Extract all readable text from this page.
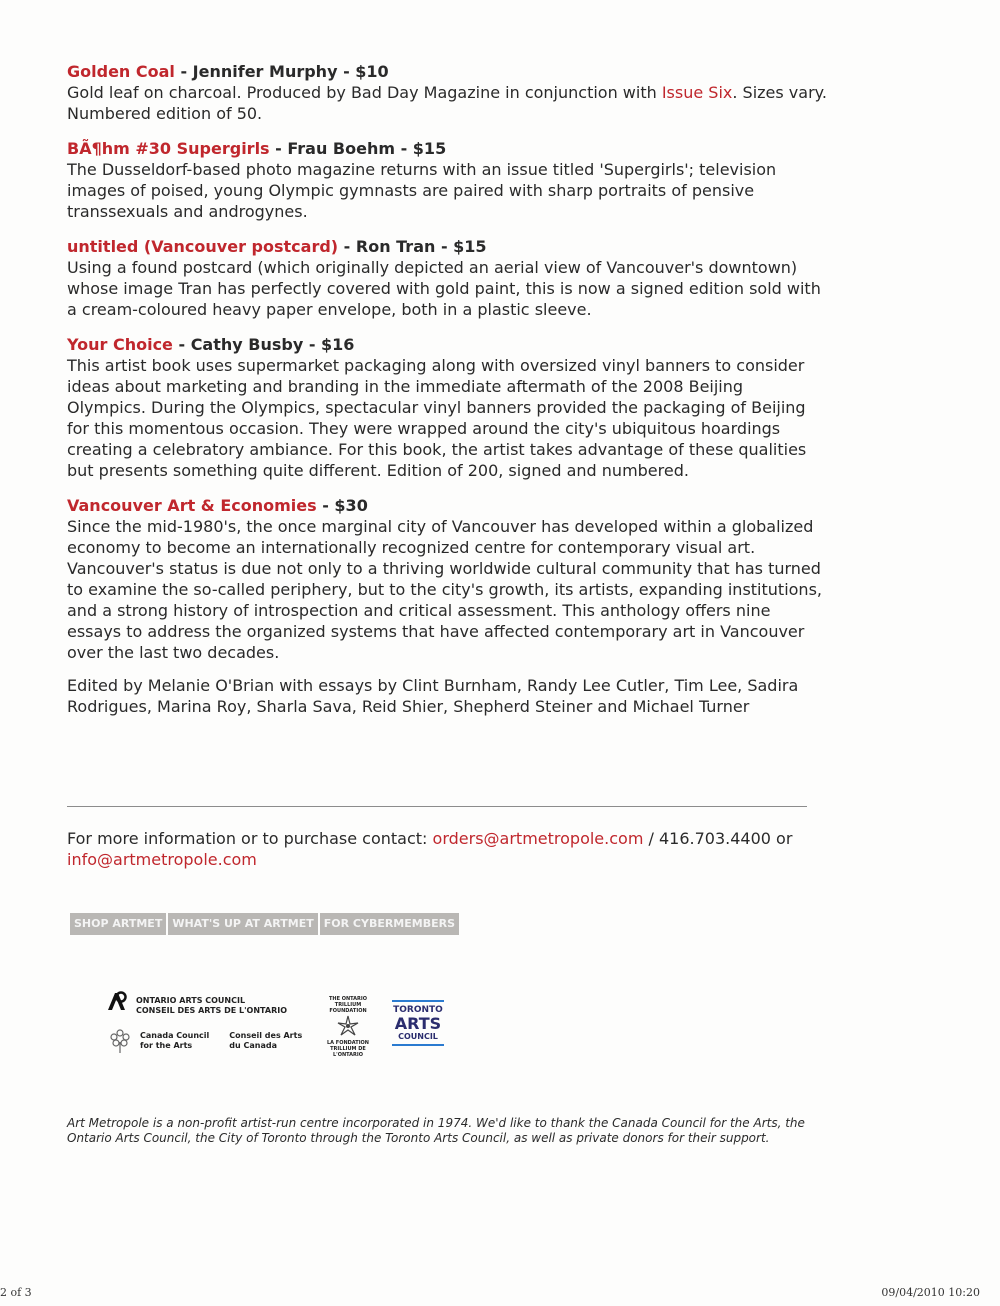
Golden Coal - Jennifer Murphy - $10

Gold leaf on charcoal. Produced by Bad Day Magazine in conjunction with Issue Six. Sizes vary. Numbered edition of 50.

BÃ¶hm #30 Supergirls - Frau Boehm - $15

The Dusseldorf-based photo magazine returns with an issue titled 'Supergirls'; television images of poised, young Olympic gymnasts are paired with sharp portraits of pensive transsexuals and androgynes.

untitled (Vancouver postcard) - Ron Tran - $15

Using a found postcard (which originally depicted an aerial view of Vancouver's downtown) whose image Tran has perfectly covered with gold paint, this is now a signed edition sold with a cream-coloured heavy paper envelope, both in a plastic sleeve.

Your Choice - Cathy Busby - $16

This artist book uses supermarket packaging along with oversized vinyl banners to consider ideas about marketing and branding in the immediate aftermath of the 2008 Beijing Olympics. During the Olympics, spectacular vinyl banners provided the packaging of Beijing for this momentous occasion. They were wrapped around the city's ubiquitous hoardings creating a celebratory ambiance. For this book, the artist takes advantage of these qualities but presents something quite different. Edition of 200, signed and numbered.

Vancouver Art & Economies - $30

Since the mid-1980's, the once marginal city of Vancouver has developed within a globalized economy to become an internationally recognized centre for contemporary visual art. Vancouver's status is due not only to a thriving worldwide cultural community that has turned to examine the so-called periphery, but to the city's growth, its artists, expanding institutions, and a strong history of introspection and critical assessment. This anthology offers nine essays to address the organized systems that have affected contemporary art in Vancouver over the last two decades.

Edited by Melanie O'Brian with essays by Clint Burnham, Randy Lee Cutler, Tim Lee, Sadira Rodrigues, Marina Roy, Sharla Sava, Reid Shier, Shepherd Steiner and Michael Turner

For more information or to purchase contact: orders@artmetropole.com / 416.703.4400 or info@artmetropole.com
SHOP ARTMET WHAT'S UP AT ARTMET FOR CYBERMEMBERS
ONTARIO ARTS COUNCIL
CONSEIL DES ARTS DE L'ONTARIO
Canada Council
for the Arts
Conseil des Arts
du Canada
THE ONTARIO TRILLIUM FOUNDATION
LA FONDATION TRILLIUM DE L'ONTARIO
TORONTO
ARTS
COUNCIL
Art Metropole is a non-profit artist-run centre incorporated in 1974. We'd like to thank the Canada Council for the Arts, the Ontario Arts Council, the City of Toronto through the Toronto Arts Council, as well as private donors for their support.
2 of 3	09/04/2010 10:20
